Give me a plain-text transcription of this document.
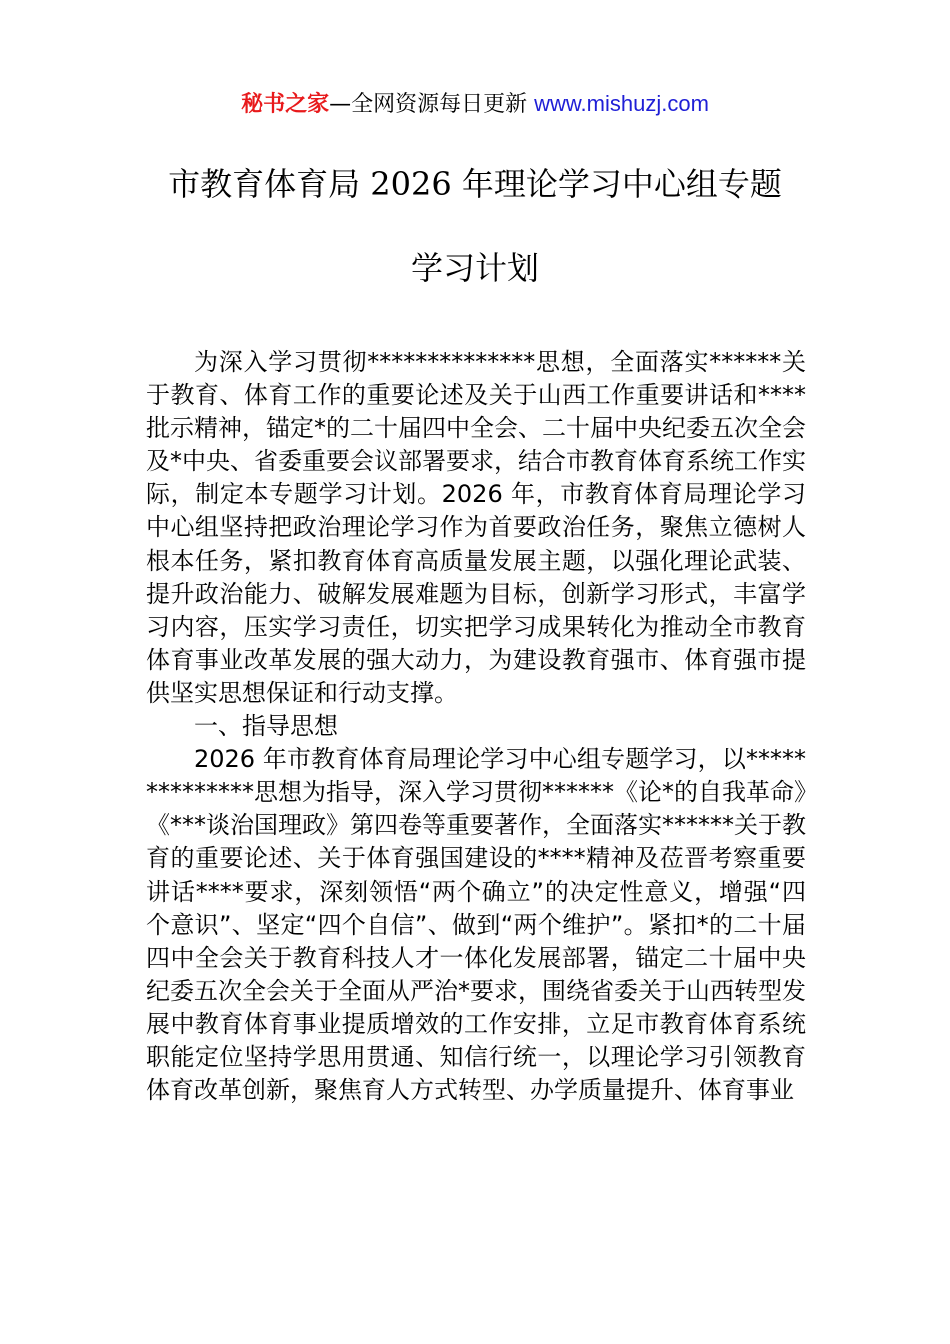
秘书之家—全网资源每日更新 www.mishuzj.com
市教育体育局 2026 年理论学习中心组专题
学习计划

为深入学习贯彻**************思想，全面落实******关于教育、体育工作的重要论述及关于山西工作重要讲话和****批示精神，锚定*的二十届四中全会、二十届中央纪委五次全会及*中央、省委重要会议部署要求，结合市教育体育系统工作实际，制定本专题学习计划。2026 年，市教育体育局理论学习中心组坚持把政治理论学习作为首要政治任务，聚焦立德树人根本任务，紧扣教育体育高质量发展主题，以强化理论武装、提升政治能力、破解发展难题为目标，创新学习形式，丰富学习内容，压实学习责任，切实把学习成果转化为推动全市教育体育事业改革发展的强大动力，为建设教育强市、体育强市提供坚实思想保证和行动支撑。

一、指导思想

2026 年市教育体育局理论学习中心组专题学习，以**************思想为指导，深入学习贯彻******《论*的自我革命》《***谈治国理政》第四卷等重要著作，全面落实******关于教育的重要论述、关于体育强国建设的****精神及莅晋考察重要讲话****要求，深刻领悟“两个确立”的决定性意义，增强“四个意识”、坚定“四个自信”、做到“两个维护”。紧扣*的二十届四中全会关于教育科技人才一体化发展部署，锚定二十届中央纪委五次全会关于全面从严治*要求，围绕省委关于山西转型发展中教育体育事业提质增效的工作安排，立足市教育体育系统职能定位坚持学思用贯通、知信行统一，以理论学习引领教育体育改革创新，聚焦育人方式转型、办学质量提升、体育事业
